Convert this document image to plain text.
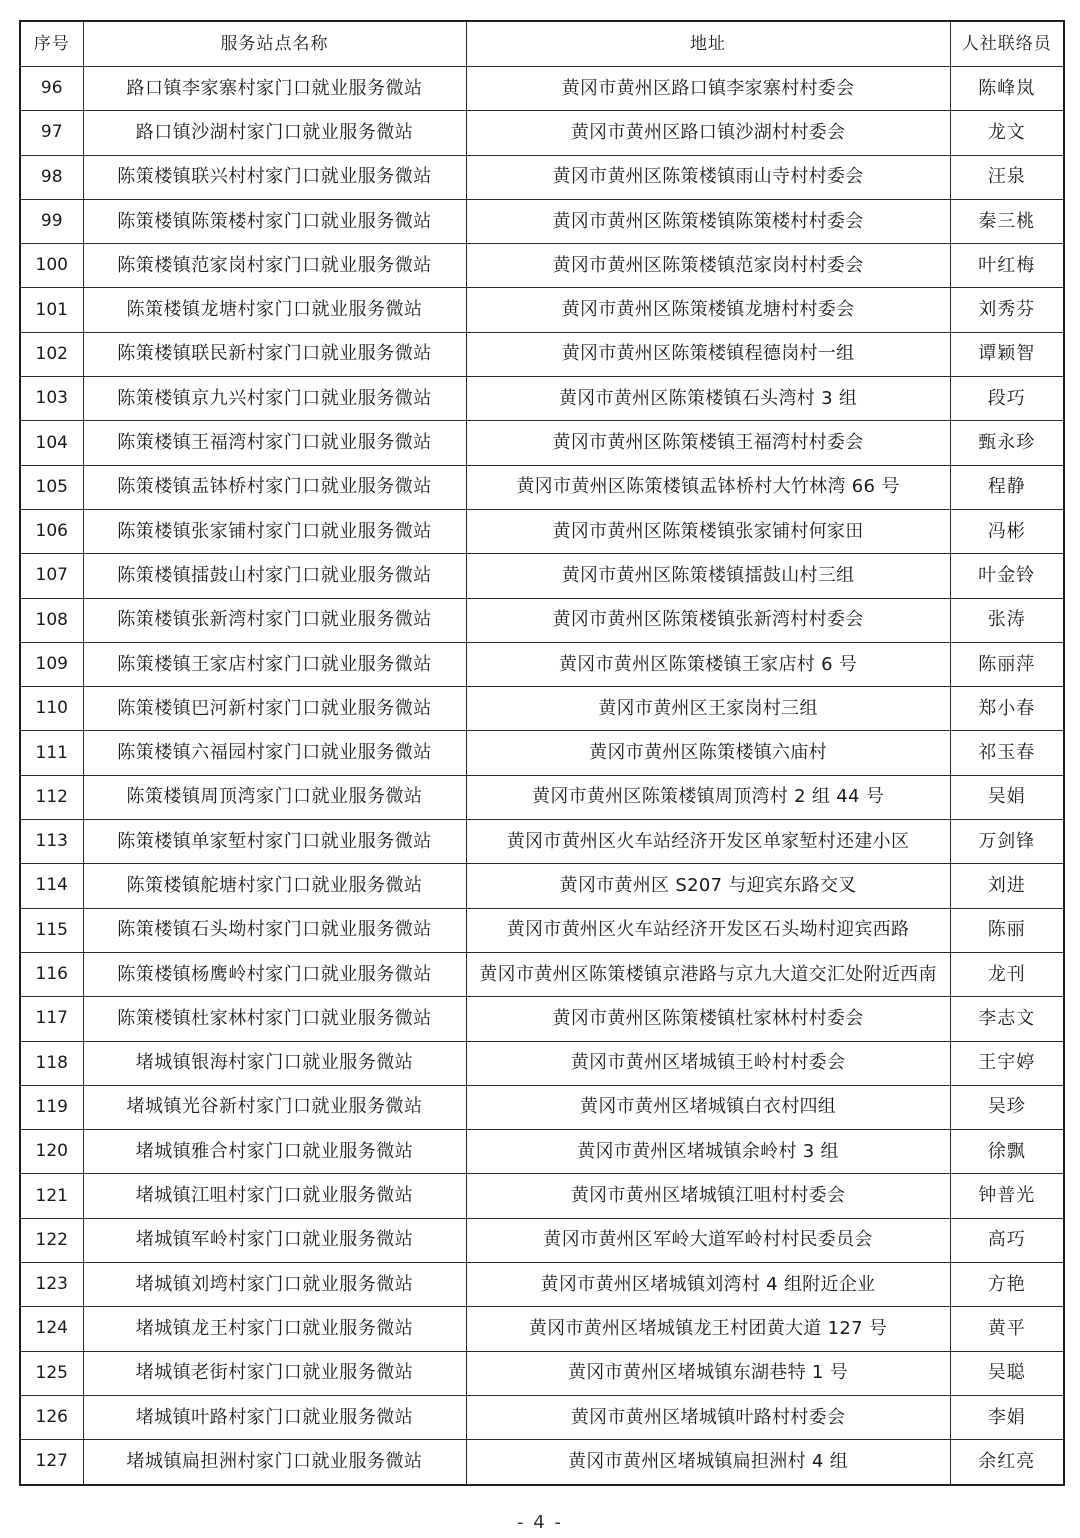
序号	服务站点名称	地址	人社联络员
96	路口镇李家寨村家门口就业服务微站	黄冈市黄州区路口镇李家寨村村委会	陈峰岚
97	路口镇沙湖村家门口就业服务微站	黄冈市黄州区路口镇沙湖村村委会	龙文
98	陈策楼镇联兴村村家门口就业服务微站	黄冈市黄州区陈策楼镇雨山寺村村委会	汪泉
99	陈策楼镇陈策楼村家门口就业服务微站	黄冈市黄州区陈策楼镇陈策楼村村委会	秦三桃
100	陈策楼镇范家岗村家门口就业服务微站	黄冈市黄州区陈策楼镇范家岗村村委会	叶红梅
101	陈策楼镇龙塘村家门口就业服务微站	黄冈市黄州区陈策楼镇龙塘村村委会	刘秀芬
102	陈策楼镇联民新村家门口就业服务微站	黄冈市黄州区陈策楼镇程德岗村一组	谭颖智
103	陈策楼镇京九兴村家门口就业服务微站	黄冈市黄州区陈策楼镇石头湾村 3 组	段巧
104	陈策楼镇王福湾村家门口就业服务微站	黄冈市黄州区陈策楼镇王福湾村村委会	甄永珍
105	陈策楼镇盂钵桥村家门口就业服务微站	黄冈市黄州区陈策楼镇盂钵桥村大竹林湾 66 号	程静
106	陈策楼镇张家铺村家门口就业服务微站	黄冈市黄州区陈策楼镇张家铺村何家田	冯彬
107	陈策楼镇擂鼓山村家门口就业服务微站	黄冈市黄州区陈策楼镇擂鼓山村三组	叶金铃
108	陈策楼镇张新湾村家门口就业服务微站	黄冈市黄州区陈策楼镇张新湾村村委会	张涛
109	陈策楼镇王家店村家门口就业服务微站	黄冈市黄州区陈策楼镇王家店村 6 号	陈丽萍
110	陈策楼镇巴河新村家门口就业服务微站	黄冈市黄州区王家岗村三组	郑小春
111	陈策楼镇六福园村家门口就业服务微站	黄冈市黄州区陈策楼镇六庙村	祁玉春
112	陈策楼镇周顶湾家门口就业服务微站	黄冈市黄州区陈策楼镇周顶湾村 2 组 44 号	吴娟
113	陈策楼镇单家堑村家门口就业服务微站	黄冈市黄州区火车站经济开发区单家堑村还建小区	万剑锋
114	陈策楼镇舵塘村家门口就业服务微站	黄冈市黄州区 S207 与迎宾东路交叉	刘进
115	陈策楼镇石头坳村家门口就业服务微站	黄冈市黄州区火车站经济开发区石头坳村迎宾西路	陈丽
116	陈策楼镇杨鹰岭村家门口就业服务微站	黄冈市黄州区陈策楼镇京港路与京九大道交汇处附近西南	龙刊
117	陈策楼镇杜家林村家门口就业服务微站	黄冈市黄州区陈策楼镇杜家林村村委会	李志文
118	堵城镇银海村家门口就业服务微站	黄冈市黄州区堵城镇王岭村村委会	王宇婷
119	堵城镇光谷新村家门口就业服务微站	黄冈市黄州区堵城镇白衣村四组	吴珍
120	堵城镇雅合村家门口就业服务微站	黄冈市黄州区堵城镇余岭村 3 组	徐飘
121	堵城镇江咀村家门口就业服务微站	黄冈市黄州区堵城镇江咀村村委会	钟普光
122	堵城镇军岭村家门口就业服务微站	黄冈市黄州区军岭大道军岭村村民委员会	高巧
123	堵城镇刘塆村家门口就业服务微站	黄冈市黄州区堵城镇刘湾村 4 组附近企业	方艳
124	堵城镇龙王村家门口就业服务微站	黄冈市黄州区堵城镇龙王村团黄大道 127 号	黄平
125	堵城镇老街村家门口就业服务微站	黄冈市黄州区堵城镇东湖巷特 1 号	吴聪
126	堵城镇叶路村家门口就业服务微站	黄冈市黄州区堵城镇叶路村村委会	李娟
127	堵城镇扁担洲村家门口就业服务微站	黄冈市黄州区堵城镇扁担洲村 4 组	余红亮
- 4 -
